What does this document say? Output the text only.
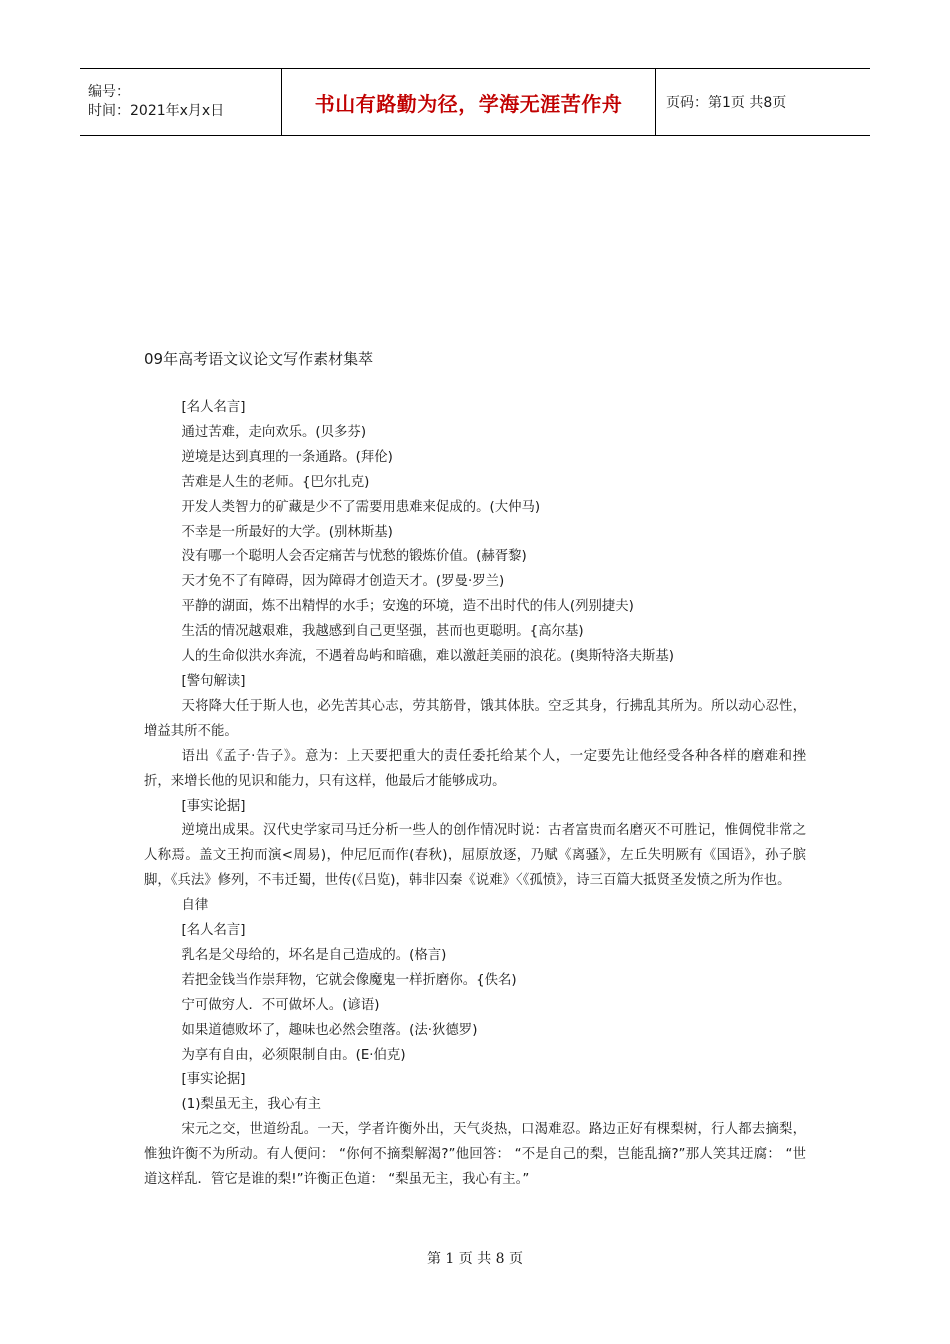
编号：
时间：2021年x月x日	书山有路勤为径，学海无涯苦作舟	页码：第1页 共8页
09年高考语文议论文写作素材集萃

[名人名言]

通过苦难，走向欢乐。(贝多芬)

逆境是达到真理的一条通路。(拜伦)

苦难是人生的老师。{巴尔扎克)

开发人类智力的矿藏是少不了需要用患难来促成的。(大仲马)

不幸是一所最好的大学。(别林斯基)

没有哪一个聪明人会否定痛苦与忧愁的锻炼价值。(赫胥黎)

天才免不了有障碍，因为障碍才创造天才。(罗曼·罗兰)

平静的湖面，炼不出精悍的水手；安逸的环境，造不出时代的伟人(列别捷夫)

生活的情况越艰难，我越感到自己更坚强，甚而也更聪明。{高尔基)

人的生命似洪水奔流，不遇着岛屿和暗礁，难以激赶美丽的浪花。(奥斯特洛夫斯基)

[警句解读]

天将降大任于斯人也，必先苦其心志，劳其筋骨，饿其体肤。空乏其身，行拂乱其所为。所以动心忍性，增益其所不能。

语出《孟子·告子》。意为：上天要把重大的责任委托给某个人，一定要先让他经受各种各样的磨难和挫折，来增长他的见识和能力，只有这样，他最后才能够成功。

[事实论据]

逆境出成果。汉代史学家司马迁分析一些人的创作情况时说：古者富贵而名磨灭不可胜记，惟倜傥非常之人称焉。盖文王拘而演<周易)，仲尼厄而作(春秋)，屈原放逐，乃赋《离骚》，左丘失明厥有《国语》，孙子膑脚，《兵法》修列，不韦迁蜀，世传(《吕览)，韩非囚秦《说难》〈《孤愤》，诗三百篇大抵贤圣发愤之所为作也。

自律

[名人名言]

乳名是父母给的，坏名是自己造成的。(格言)

若把金钱当作崇拜物，它就会像魔鬼一样折磨你。{佚名)

宁可做穷人．不可做坏人。(谚语)

如果道德败坏了，趣味也必然会堕落。(法·狄德罗)

为享有自由，必须限制自由。(E·伯克)

[事实论据]

(1)梨虽无主，我心有主

宋元之交，世道纷乱。一天，学者许衡外出，天气炎热，口渴难忍。路边正好有棵梨树，行人都去摘梨，惟独许衡不为所动。有人便问： “你何不摘梨解渴?”他回答： “不是自己的梨，岂能乱摘?”那人笑其迂腐： “世道这样乱．管它是谁的梨!”许衡正色道： “梨虽无主，我心有主。”

第 1 页 共 8 页
